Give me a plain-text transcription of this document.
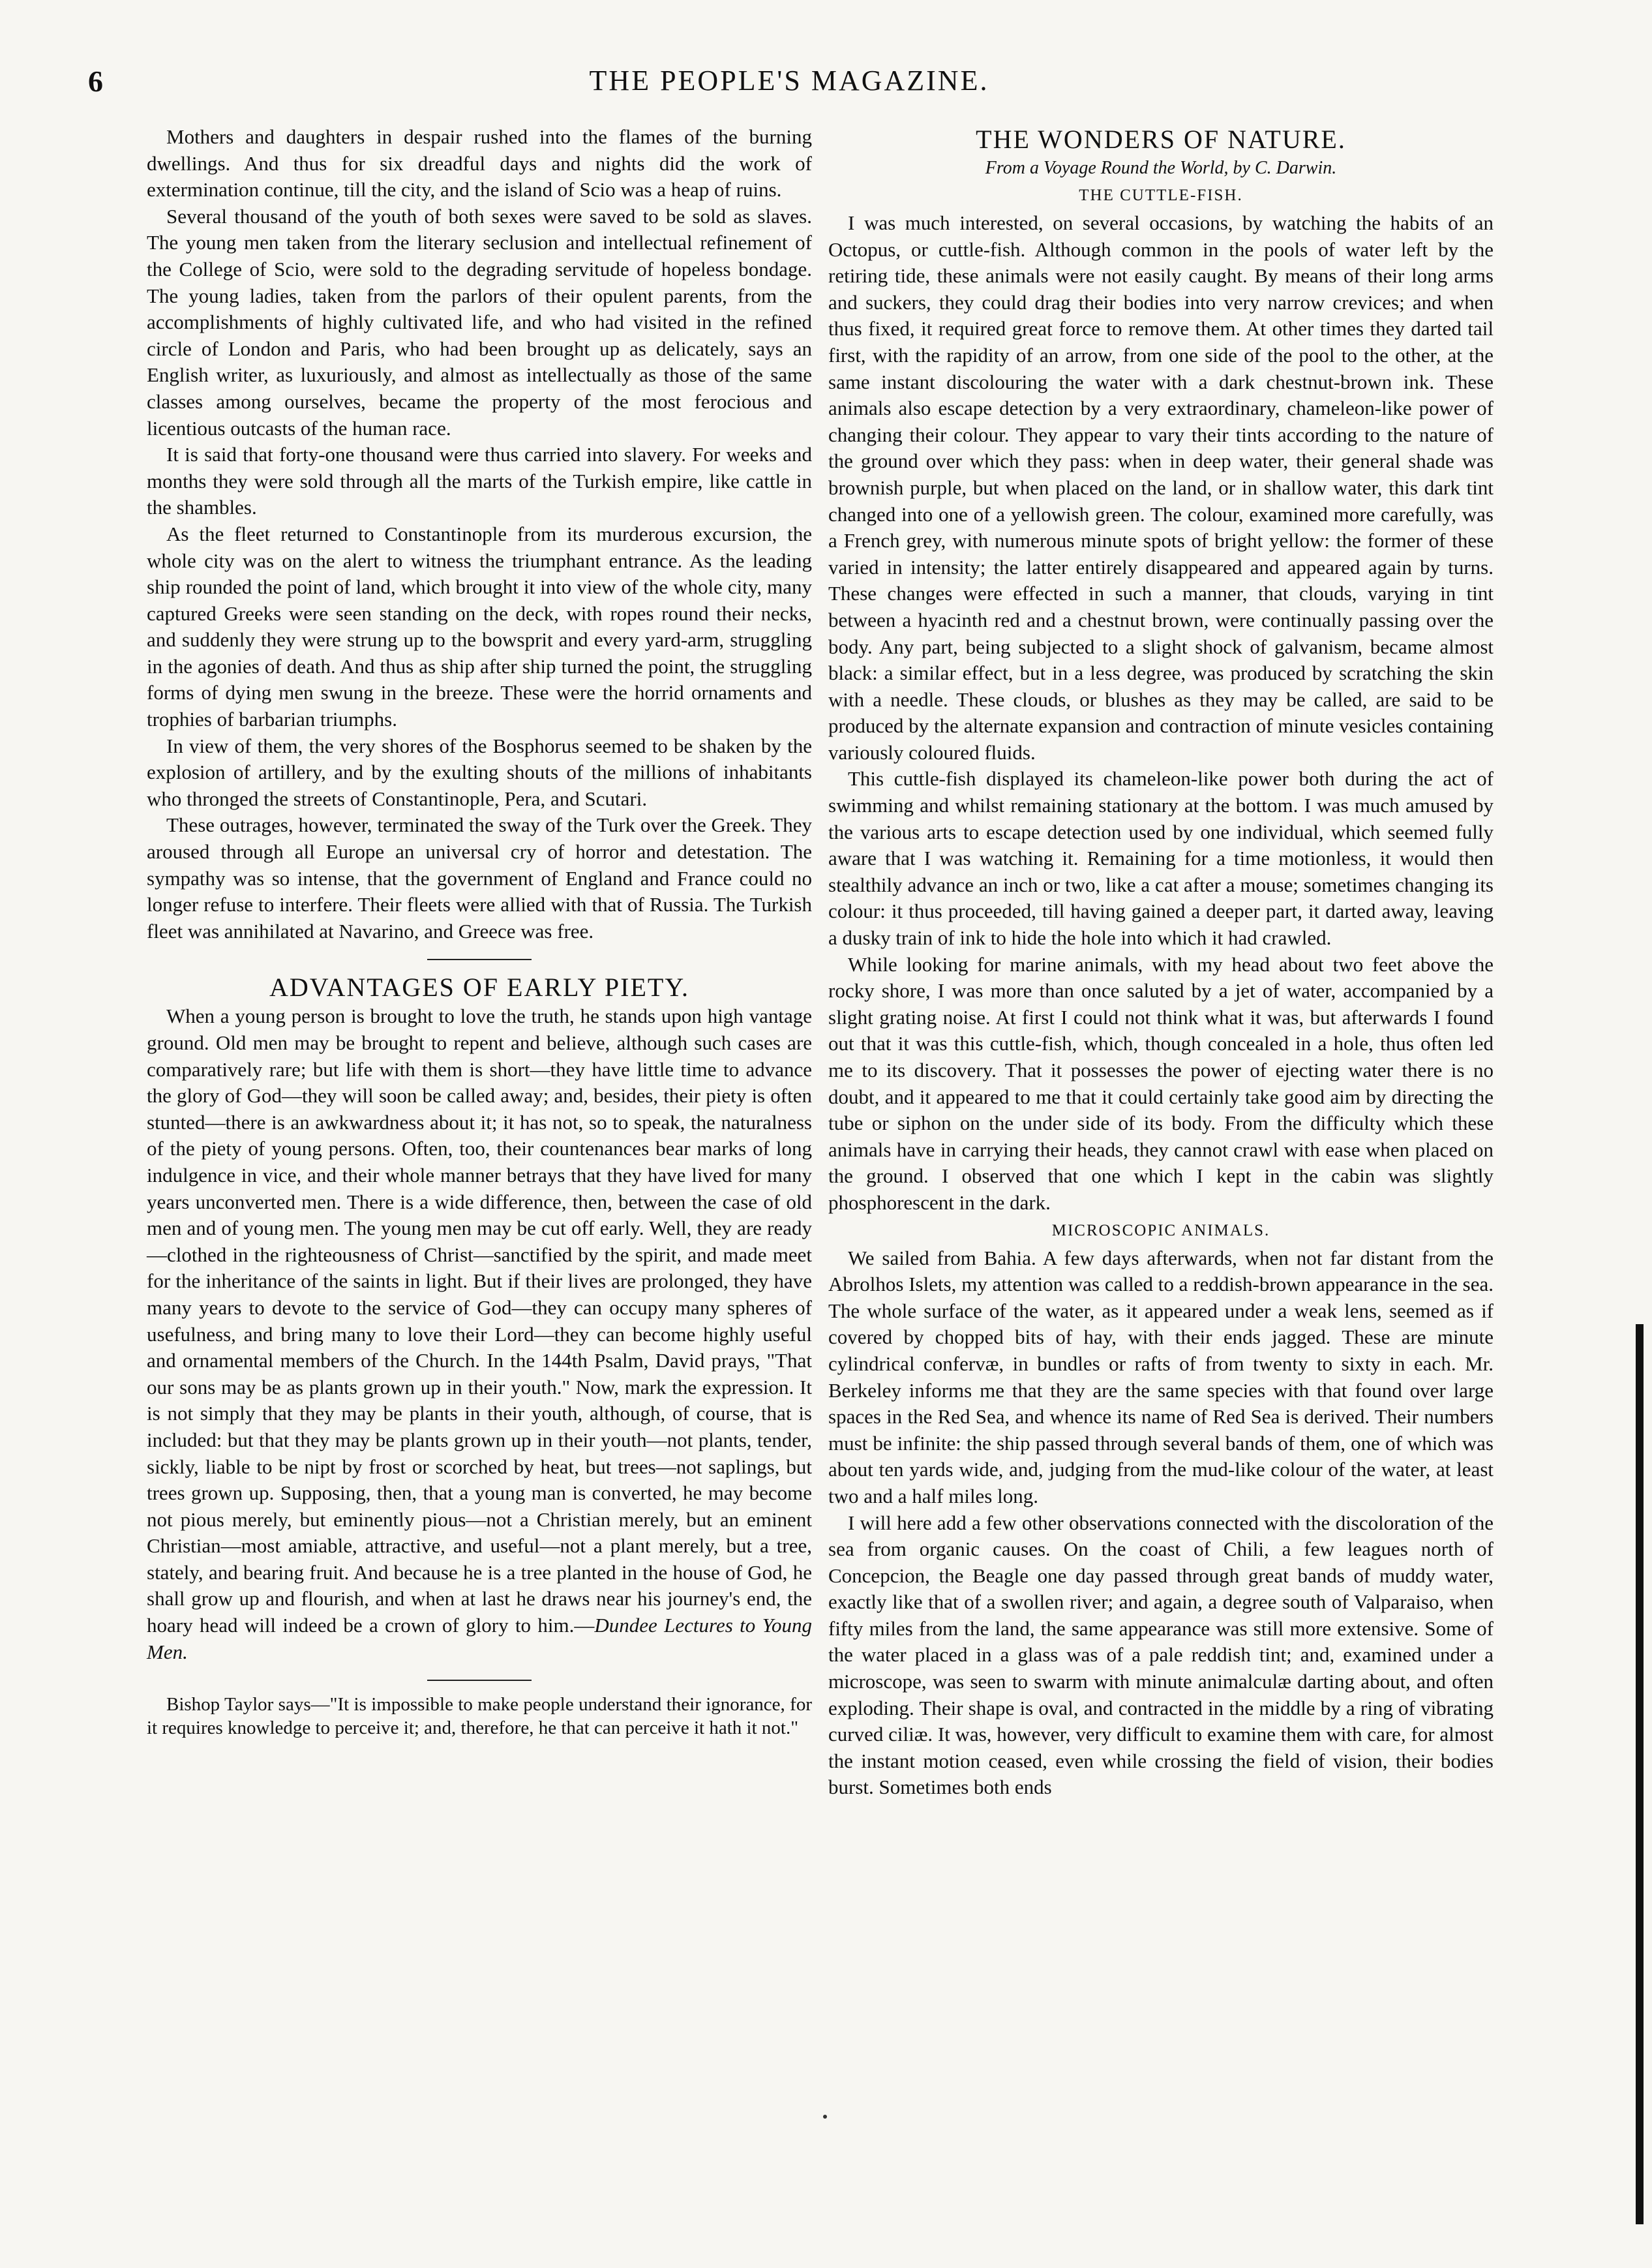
6	THE PEOPLE'S MAGAZINE.

Mothers and daughters in despair rushed into the flames of the burning dwellings. And thus for six dreadful days and nights did the work of extermination continue, till the city, and the island of Scio was a heap of ruins.

Several thousand of the youth of both sexes were saved to be sold as slaves. The young men taken from the literary seclusion and intellectual refinement of the College of Scio, were sold to the degrading servitude of hopeless bondage. The young ladies, taken from the parlors of their opulent parents, from the accomplishments of highly cultivated life, and who had visited in the refined circle of London and Paris, who had been brought up as delicately, says an English writer, as luxuriously, and almost as intellectually as those of the same classes among ourselves, became the property of the most ferocious and licentious outcasts of the human race.

It is said that forty-one thousand were thus carried into slavery. For weeks and months they were sold through all the marts of the Turkish empire, like cattle in the shambles.

As the fleet returned to Constantinople from its murderous excursion, the whole city was on the alert to witness the triumphant entrance. As the leading ship rounded the point of land, which brought it into view of the whole city, many captured Greeks were seen standing on the deck, with ropes round their necks, and suddenly they were strung up to the bowsprit and every yard-arm, struggling in the agonies of death. And thus as ship after ship turned the point, the struggling forms of dying men swung in the breeze. These were the horrid ornaments and trophies of barbarian triumphs.

In view of them, the very shores of the Bosphorus seemed to be shaken by the explosion of artillery, and by the exulting shouts of the millions of inhabitants who thronged the streets of Constantinople, Pera, and Scutari.

These outrages, however, terminated the sway of the Turk over the Greek. They aroused through all Europe an universal cry of horror and detestation. The sympathy was so intense, that the government of England and France could no longer refuse to interfere. Their fleets were allied with that of Russia. The Turkish fleet was annihilated at Navarino, and Greece was free.

ADVANTAGES OF EARLY PIETY.

When a young person is brought to love the truth, he stands upon high vantage ground. Old men may be brought to repent and believe, although such cases are comparatively rare; but life with them is short—they have little time to advance the glory of God—they will soon be called away; and, besides, their piety is often stunted—there is an awkwardness about it; it has not, so to speak, the naturalness of the piety of young persons. Often, too, their countenances bear marks of long indulgence in vice, and their whole manner betrays that they have lived for many years unconverted men. There is a wide difference, then, between the case of old men and of young men. The young men may be cut off early. Well, they are ready—clothed in the righteousness of Christ—sanctified by the spirit, and made meet for the inheritance of the saints in light. But if their lives are prolonged, they have many years to devote to the service of God—they can occupy many spheres of usefulness, and bring many to love their Lord—they can become highly useful and ornamental members of the Church. In the 144th Psalm, David prays, "That our sons may be as plants grown up in their youth." Now, mark the expression. It is not simply that they may be plants in their youth, although, of course, that is included: but that they may be plants grown up in their youth—not plants, tender, sickly, liable to be nipt by frost or scorched by heat, but trees—not saplings, but trees grown up. Supposing, then, that a young man is converted, he may become not pious merely, but eminently pious—not a Christian merely, but an eminent Christian—most amiable, attractive, and useful—not a plant merely, but a tree, stately, and bearing fruit. And because he is a tree planted in the house of God, he shall grow up and flourish, and when at last he draws near his journey's end, the hoary head will indeed be a crown of glory to him.—Dundee Lectures to Young Men.

Bishop Taylor says—"It is impossible to make people understand their ignorance, for it requires knowledge to perceive it; and, therefore, he that can perceive it hath it not."

THE WONDERS OF NATURE.
From a Voyage Round the World, by C. Darwin.
THE CUTTLE-FISH.

I was much interested, on several occasions, by watching the habits of an Octopus, or cuttle-fish. Although common in the pools of water left by the retiring tide, these animals were not easily caught. By means of their long arms and suckers, they could drag their bodies into very narrow crevices; and when thus fixed, it required great force to remove them. At other times they darted tail first, with the rapidity of an arrow, from one side of the pool to the other, at the same instant discolouring the water with a dark chestnut-brown ink. These animals also escape detection by a very extraordinary, chameleon-like power of changing their colour. They appear to vary their tints according to the nature of the ground over which they pass: when in deep water, their general shade was brownish purple, but when placed on the land, or in shallow water, this dark tint changed into one of a yellowish green. The colour, examined more carefully, was a French grey, with numerous minute spots of bright yellow: the former of these varied in intensity; the latter entirely disappeared and appeared again by turns. These changes were effected in such a manner, that clouds, varying in tint between a hyacinth red and a chestnut brown, were continually passing over the body. Any part, being subjected to a slight shock of galvanism, became almost black: a similar effect, but in a less degree, was produced by scratching the skin with a needle. These clouds, or blushes as they may be called, are said to be produced by the alternate expansion and contraction of minute vesicles containing variously coloured fluids.

This cuttle-fish displayed its chameleon-like power both during the act of swimming and whilst remaining stationary at the bottom. I was much amused by the various arts to escape detection used by one individual, which seemed fully aware that I was watching it. Remaining for a time motionless, it would then stealthily advance an inch or two, like a cat after a mouse; sometimes changing its colour: it thus proceeded, till having gained a deeper part, it darted away, leaving a dusky train of ink to hide the hole into which it had crawled.

While looking for marine animals, with my head about two feet above the rocky shore, I was more than once saluted by a jet of water, accompanied by a slight grating noise. At first I could not think what it was, but afterwards I found out that it was this cuttle-fish, which, though concealed in a hole, thus often led me to its discovery. That it possesses the power of ejecting water there is no doubt, and it appeared to me that it could certainly take good aim by directing the tube or siphon on the under side of its body. From the difficulty which these animals have in carrying their heads, they cannot crawl with ease when placed on the ground. I observed that one which I kept in the cabin was slightly phosphorescent in the dark.

MICROSCOPIC ANIMALS.

We sailed from Bahia. A few days afterwards, when not far distant from the Abrolhos Islets, my attention was called to a reddish-brown appearance in the sea. The whole surface of the water, as it appeared under a weak lens, seemed as if covered by chopped bits of hay, with their ends jagged. These are minute cylindrical confervæ, in bundles or rafts of from twenty to sixty in each. Mr. Berkeley informs me that they are the same species with that found over large spaces in the Red Sea, and whence its name of Red Sea is derived. Their numbers must be infinite: the ship passed through several bands of them, one of which was about ten yards wide, and, judging from the mud-like colour of the water, at least two and a half miles long.

I will here add a few other observations connected with the discoloration of the sea from organic causes. On the coast of Chili, a few leagues north of Concepcion, the Beagle one day passed through great bands of muddy water, exactly like that of a swollen river; and again, a degree south of Valparaiso, when fifty miles from the land, the same appearance was still more extensive. Some of the water placed in a glass was of a pale reddish tint; and, examined under a microscope, was seen to swarm with minute animalculæ darting about, and often exploding. Their shape is oval, and contracted in the middle by a ring of vibrating curved ciliæ. It was, however, very difficult to examine them with care, for almost the instant motion ceased, even while crossing the field of vision, their bodies burst. Sometimes both ends
